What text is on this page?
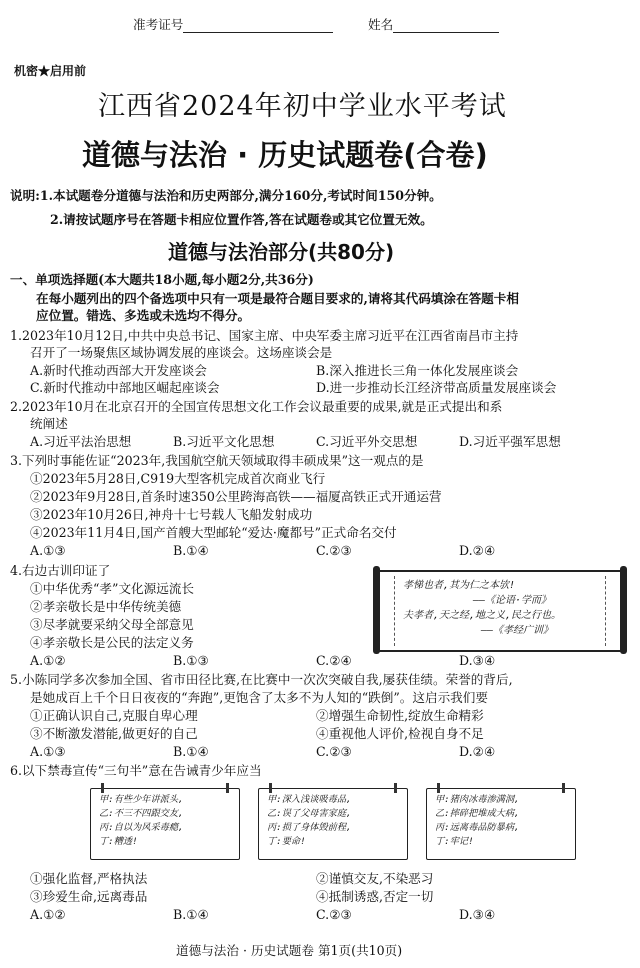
准考证号	姓名
机密★启用前
江西省2024年初中学业水平考试
道德与法治 · 历史试题卷(合卷)
说明:1.本试题卷分道德与法治和历史两部分,满分160分,考试时间150分钟。
2.请按试题序号在答题卡相应位置作答,答在试题卷或其它位置无效。
道德与法治部分(共80分)
一、单项选择题(本大题共18小题,每小题2分,共36分)
在每小题列出的四个备选项中只有一项是最符合题目要求的,请将其代码填涂在答题卡相
应位置。错选、多选或未选均不得分。
1.2023年10月12日,中共中央总书记、国家主席、中央军委主席习近平在江西省南昌市主持
召开了一场聚焦区域协调发展的座谈会。这场座谈会是
A.新时代推动西部大开发座谈会	B.深入推进长三角一体化发展座谈会
C.新时代推动中部地区崛起座谈会	D.进一步推动长江经济带高质量发展座谈会
2.2023年10月在北京召开的全国宣传思想文化工作会议最重要的成果,就是正式提出和系
统阐述
A.习近平法治思想	B.习近平文化思想	C.习近平外交思想	D.习近平强军思想
3.下列时事能佐证“2023年,我国航空航天领域取得丰硕成果”这一观点的是
①2023年5月28日,C919大型客机完成首次商业飞行
②2023年9月28日,首条时速350公里跨海高铁——福厦高铁正式开通运营
③2023年10月26日,神舟十七号载人飞船发射成功
④2023年11月4日,国产首艘大型邮轮“爱达·魔都号”正式命名交付
A.①③	B.①④	C.②③	D.②④
4.右边古训印证了
①中华优秀“孝”文化源远流长
②孝亲敬长是中华传统美德
③尽孝就要采纳父母全部意见
④孝亲敬长是公民的法定义务
A.①②	B.①③	C.②④	D.③④
孝悌也者,其为仁之本欤!
——《论语·学而》
夫孝者,天之经,地之义,民之行也。
——《孝经广训》
5.小陈同学多次参加全国、省市田径比赛,在比赛中一次次突破自我,屡获佳绩。荣誉的背后,
是她成百上千个日日夜夜的“奔跑”,更饱含了太多不为人知的“跌倒”。这启示我们要
①正确认识自己,克服自卑心理	②增强生命韧性,绽放生命精彩
③不断激发潜能,做更好的自己	④重视他人评价,检视自身不足
A.①③	B.①④	C.②③	D.②④
6.以下禁毒宣传“三句半”意在告诫青少年应当
甲:有些少年讲派头,
乙:不三不四跟交友,
丙:自以为风采毒瘾,
丁:糟透!
甲:深入浅谈吸毒品,
乙:误了父母害家庭,
丙:损了身体毁前程,
丁:要命!
甲:猪肉冰毒渗满洞,
乙:摔碎把堆成大病,
丙:远离毒品防暴病,
丁:牢记!
①强化监督,严格执法	②谨慎交友,不染恶习
③珍爱生命,远离毒品	④抵制诱惑,否定一切
A.①②	B.①④	C.②③	D.③④
道德与法治 · 历史试题卷 第1页(共10页)
